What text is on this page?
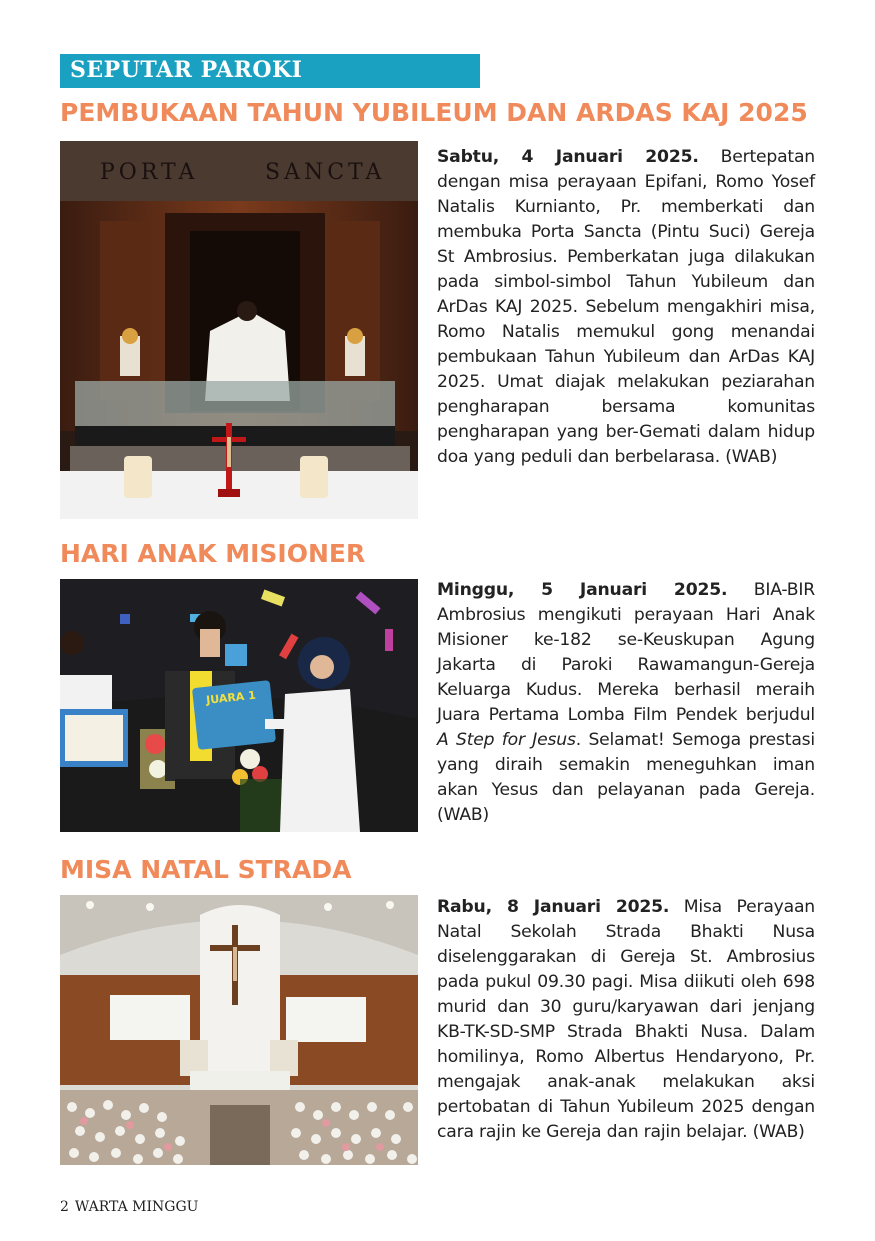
SEPUTAR PAROKI
PEMBUKAAN TAHUN YUBILEUM DAN ARDAS KAJ 2025
PORTA	SANCTA
Sabtu, 4 Januari 2025. Bertepatan dengan misa perayaan Epifani, Romo Yosef Natalis Kurnianto, Pr. memberkati dan membuka Porta Sancta (Pintu Suci) Gereja St Ambrosius. Pemberkatan juga dilakukan pada simbol-simbol Tahun Yubileum dan ArDas KAJ 2025. Sebelum mengakhiri misa, Romo Natalis memukul gong menandai pembukaan Tahun Yubileum dan ArDas KAJ 2025. Umat diajak melakukan peziarahan pengharapan bersama komunitas pengharapan yang ber-Gemati dalam hidup doa yang peduli dan berbelarasa. (WAB)
HARI ANAK MISIONER
JUARA 1
Minggu, 5 Januari 2025. BIA-BIR Ambrosius mengikuti perayaan Hari Anak Misioner ke-182 se-Keuskupan Agung Jakarta di Paroki Rawamangun-Gereja Keluarga Kudus. Mereka berhasil meraih Juara Pertama Lomba Film Pendek berjudul A Step for Jesus. Selamat! Semoga prestasi yang diraih semakin meneguhkan iman akan Yesus dan pelayanan pada Gereja. (WAB)
MISA NATAL STRADA
Rabu, 8 Januari 2025. Misa Perayaan Natal Sekolah Strada Bhakti Nusa diselenggarakan di Gereja St. Ambrosius pada pukul 09.30 pagi. Misa diikuti oleh 698 murid dan 30 guru/karyawan dari jenjang KB-TK-SD-SMP Strada Bhakti Nusa. Dalam homilinya, Romo Albertus Hendaryono, Pr. mengajak anak-anak melakukan aksi pertobatan di Tahun Yubileum 2025 dengan cara rajin ke Gereja dan rajin belajar. (WAB)
2 WARTA MINGGU
